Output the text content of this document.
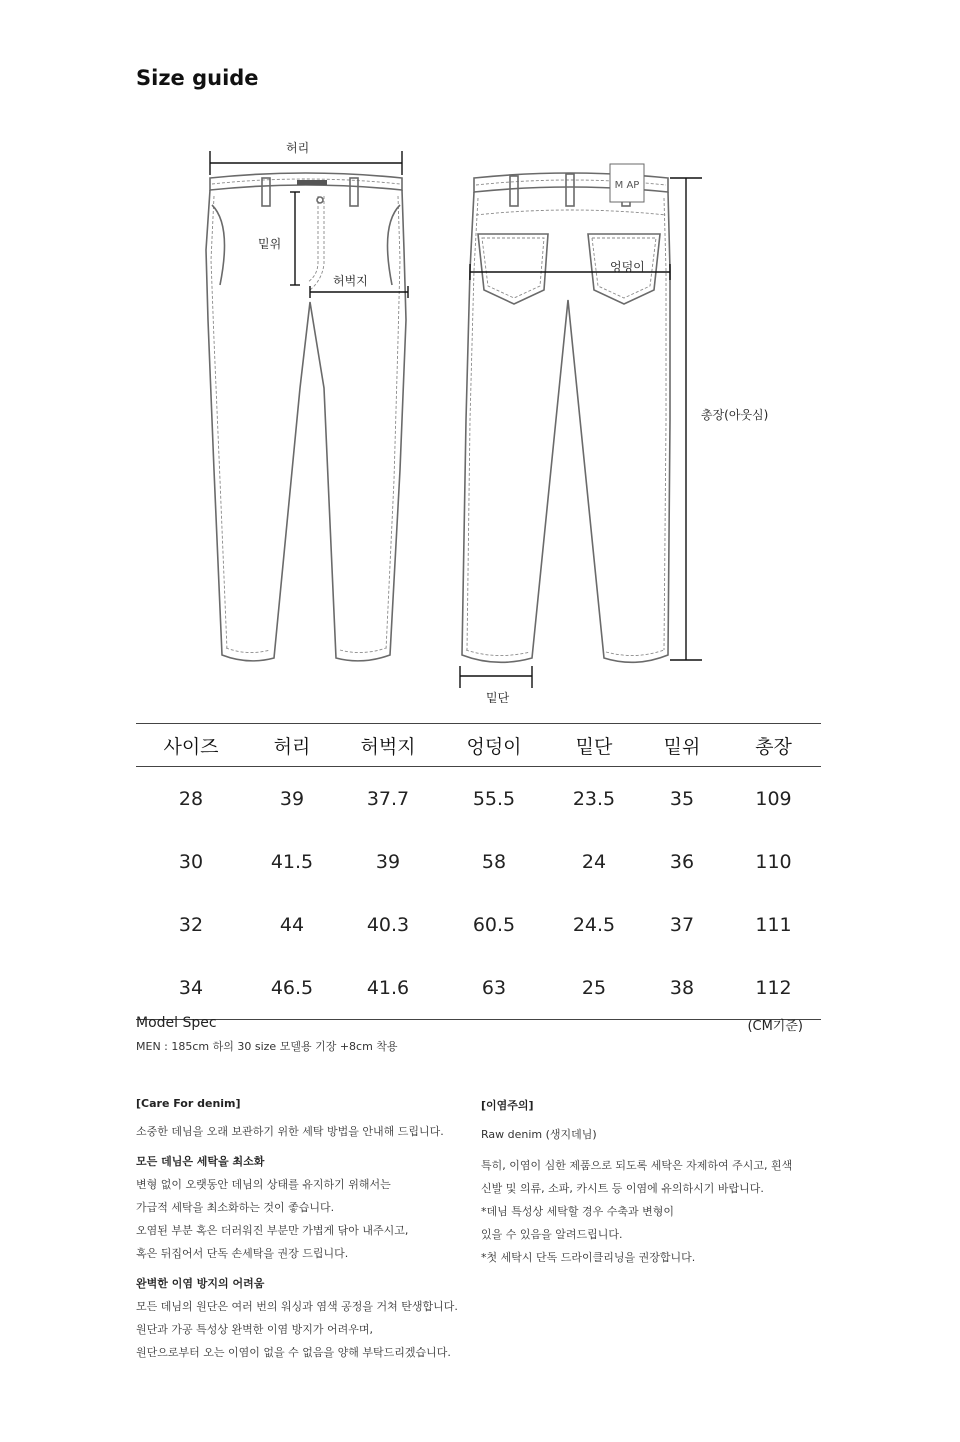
Size guide
M AP
허리
밑위
허벅지
엉덩이
총장(아웃심)
밑단
사이즈	허리	허벅지	엉덩이	밑단	밑위	총장
28	39	37.7	55.5	23.5	35	109
30	41.5	39	58	24	36	110
32	44	40.3	60.5	24.5	37	111
34	46.5	41.6	63	25	38	112
Model Spec
MEN : 185cm 하의 30 size 모델용 기장 +8cm 착용
(CM기준)
[Care For denim]
소중한 데님을 오래 보관하기 위한 세탁 방법을 안내해 드립니다.
모든 데님은 세탁을 최소화
변형 없이 오랫동안 데님의 상태를 유지하기 위해서는
가급적 세탁을 최소화하는 것이 좋습니다.
오염된 부분 혹은 더러워진 부분만 가볍게 닦아 내주시고,
혹은 뒤집어서 단독 손세탁을 권장 드립니다.
완벽한 이염 방지의 어려움
모든 데님의 원단은 여러 번의 워싱과 염색 공정을 거쳐 탄생합니다.
원단과 가공 특성상 완벽한 이염 방지가 어려우며,
원단으로부터 오는 이염이 없을 수 없음을 양해 부탁드리겠습니다.
[이염주의]
Raw denim (생지데님)
특히, 이염이 심한 제품으로 되도록 세탁은 자제하여 주시고, 흰색
신발 및 의류, 소파, 카시트 등 이염에 유의하시기 바랍니다.
*데님 특성상 세탁할 경우 수축과 변형이
있을 수 있음을 알려드립니다.
*첫 세탁시 단독 드라이클리닝을 권장합니다.
